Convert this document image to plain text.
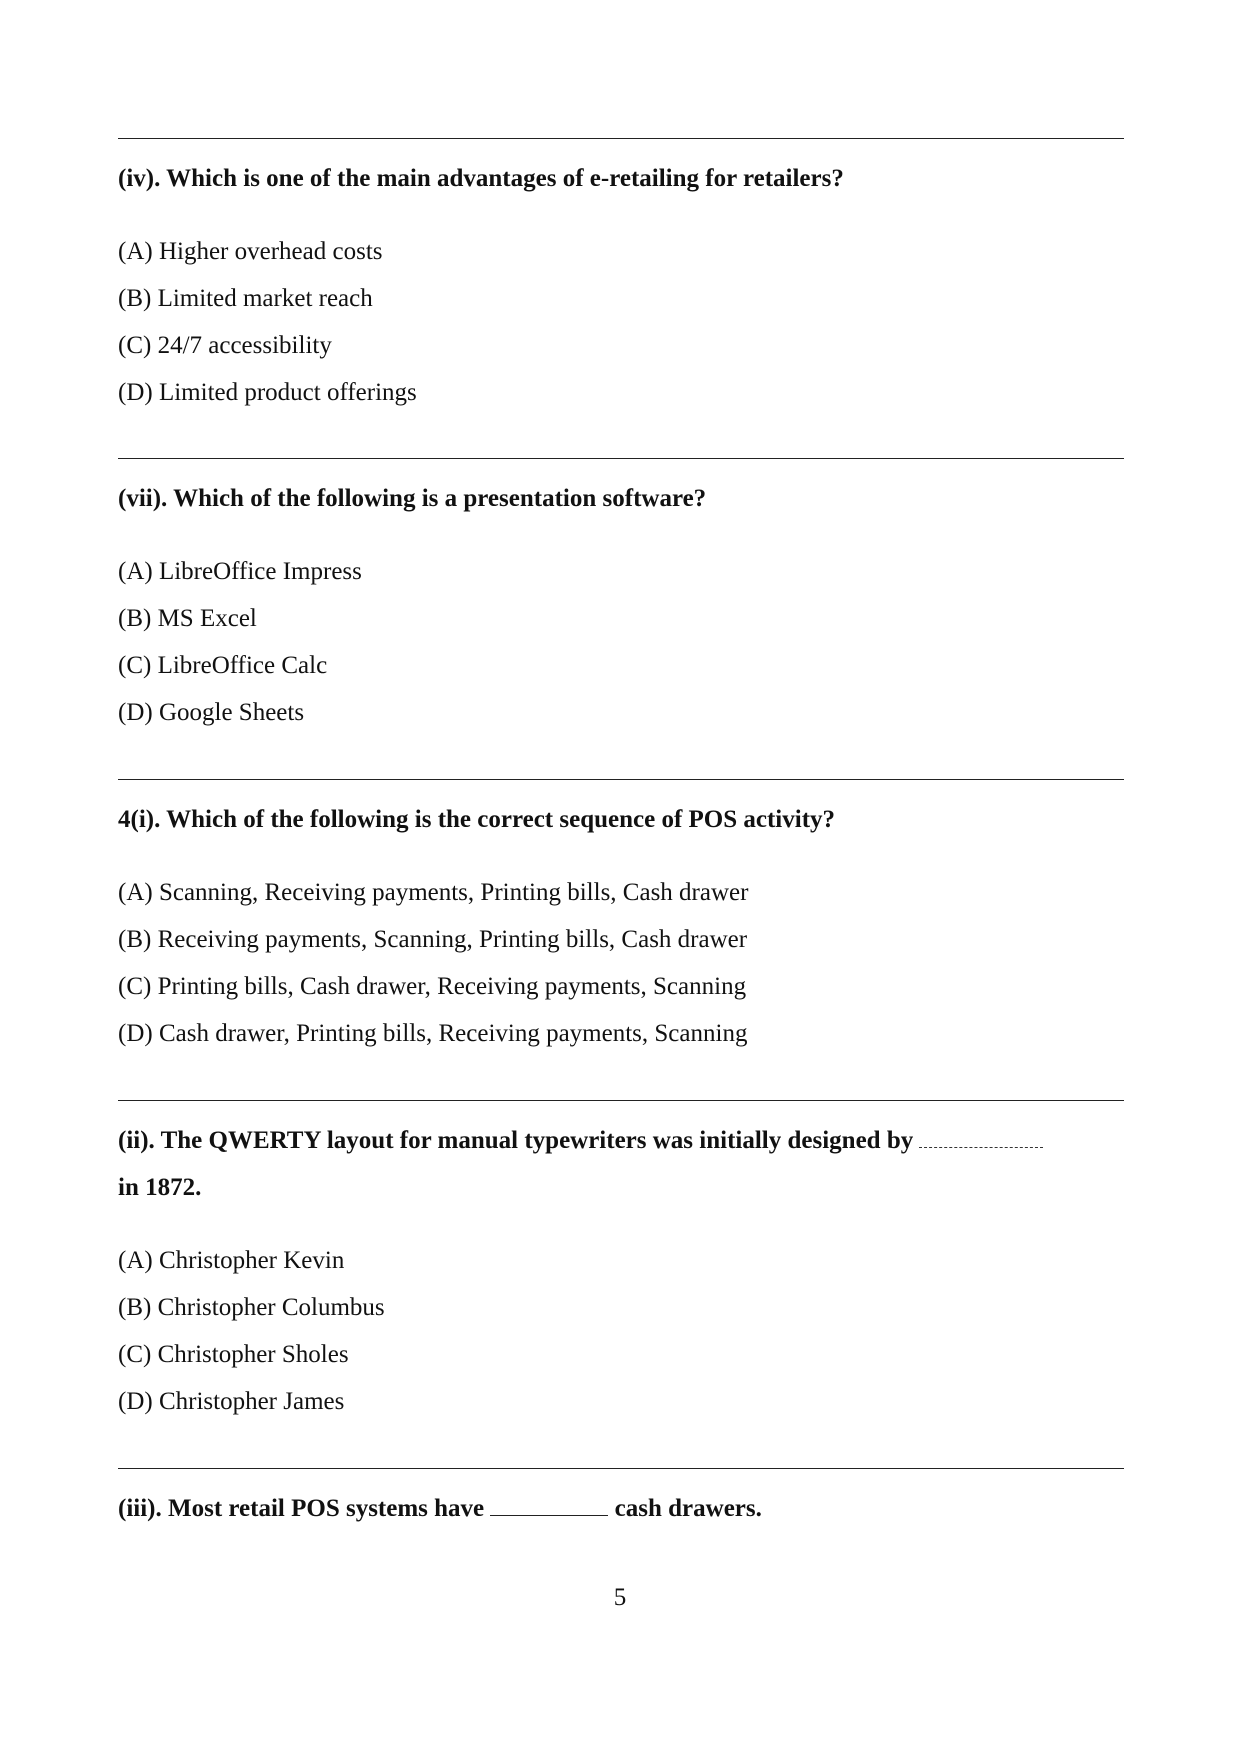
(iv). Which is one of the main advantages of e-retailing for retailers?

(A) Higher overhead costs
(B) Limited market reach
(C) 24/7 accessibility
(D) Limited product offerings

(vii). Which of the following is a presentation software?

(A) LibreOffice Impress
(B) MS Excel
(C) LibreOffice Calc
(D) Google Sheets

4(i). Which of the following is the correct sequence of POS activity?

(A) Scanning, Receiving payments, Printing bills, Cash drawer
(B) Receiving payments, Scanning, Printing bills, Cash drawer
(C) Printing bills, Cash drawer, Receiving payments, Scanning
(D) Cash drawer, Printing bills, Receiving payments, Scanning

(ii). The QWERTY layout for manual typewriters was initially designed by
in 1872.

(A) Christopher Kevin
(B) Christopher Columbus
(C) Christopher Sholes
(D) Christopher James

(iii). Most retail POS systems have	cash drawers.

5
